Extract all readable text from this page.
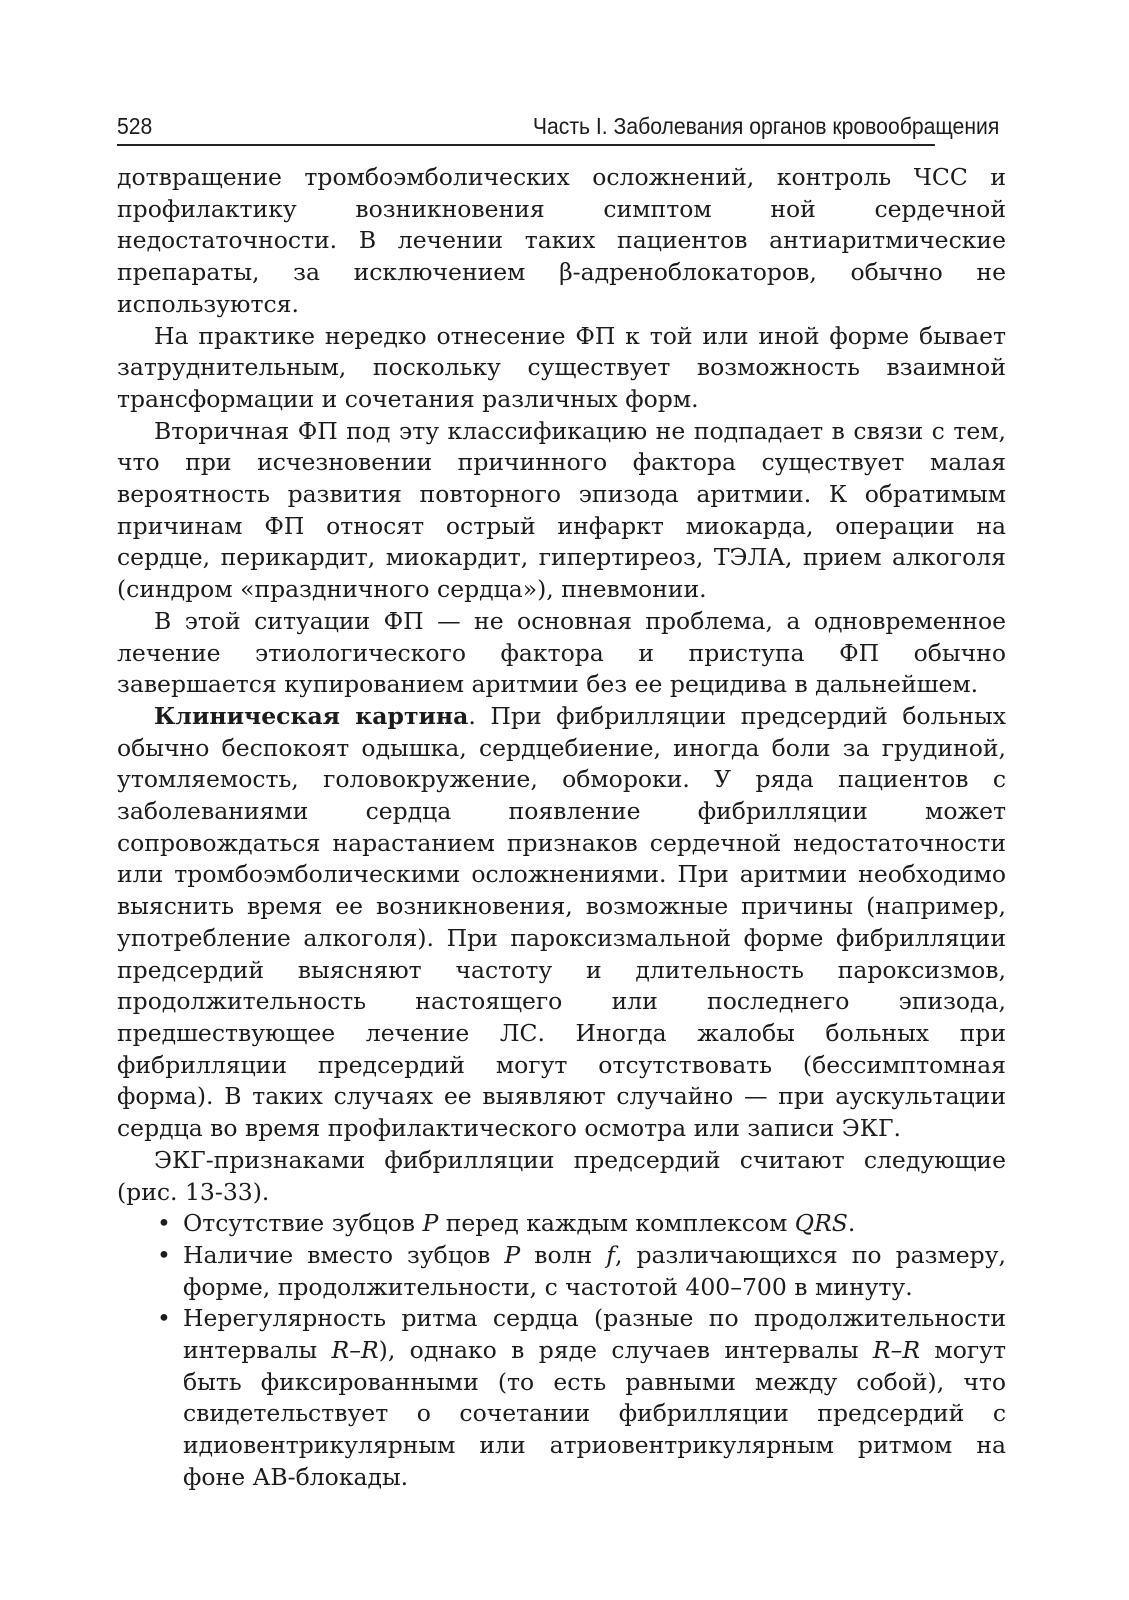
528	Часть I. Заболевания органов кровообращения

дотвращение тромбоэмболических осложнений, контроль ЧСС и профилактику возникновения симптом ной сердечной недостаточности. В лечении таких пациентов антиаритмические препараты, за исключением β-адреноблокаторов, обычно не используются.

На практике нередко отнесение ФП к той или иной форме бывает затруднительным, поскольку существует возможность взаимной трансформации и сочетания различных форм.

Вторичная ФП под эту классификацию не подпадает в связи с тем, что при исчезновении причинного фактора существует малая вероятность развития повторного эпизода аритмии. К обратимым причинам ФП относят острый инфаркт миокарда, операции на сердце, перикардит, миокардит, гипертиреоз, ТЭЛА, прием алкоголя (синдром «праздничного сердца»), пневмонии.

В этой ситуации ФП — не основная проблема, а одновременное лечение этиологического фактора и приступа ФП обычно завершается купированием аритмии без ее рецидива в дальнейшем.

Клиническая картина. При фибрилляции предсердий больных обычно беспокоят одышка, сердцебиение, иногда боли за грудиной, утомляемость, головокружение, обмороки. У ряда пациентов с заболеваниями сердца появление фибрилляции может сопровождаться нарастанием признаков сердечной недостаточности или тромбоэмболическими осложнениями. При аритмии необходимо выяснить время ее возникновения, возможные причины (например, употребление алкоголя). При пароксизмальной форме фибрилляции предсердий выясняют частоту и длительность пароксизмов, продолжительность настоящего или последнего эпизода, предшествующее лечение ЛС. Иногда жалобы больных при фибрилляции предсердий могут отсутствовать (бессимптомная форма). В таких случаях ее выявляют случайно — при аускультации сердца во время профилактического осмотра или записи ЭКГ.

ЭКГ-признаками фибрилляции предсердий считают следующие (рис. 13-33).

• Отсутствие зубцов P перед каждым комплексом QRS.
• Наличие вместо зубцов P волн f, различающихся по размеру, форме, продолжительности, с частотой 400–700 в минуту.
• Нерегулярность ритма сердца (разные по продолжительности интервалы R–R), однако в ряде случаев интервалы R–R могут быть фиксированными (то есть равными между собой), что свидетельствует о сочетании фибрилляции предсердий с идиовентрикулярным или атриовентрикулярным ритмом на фоне АВ-блокады.
